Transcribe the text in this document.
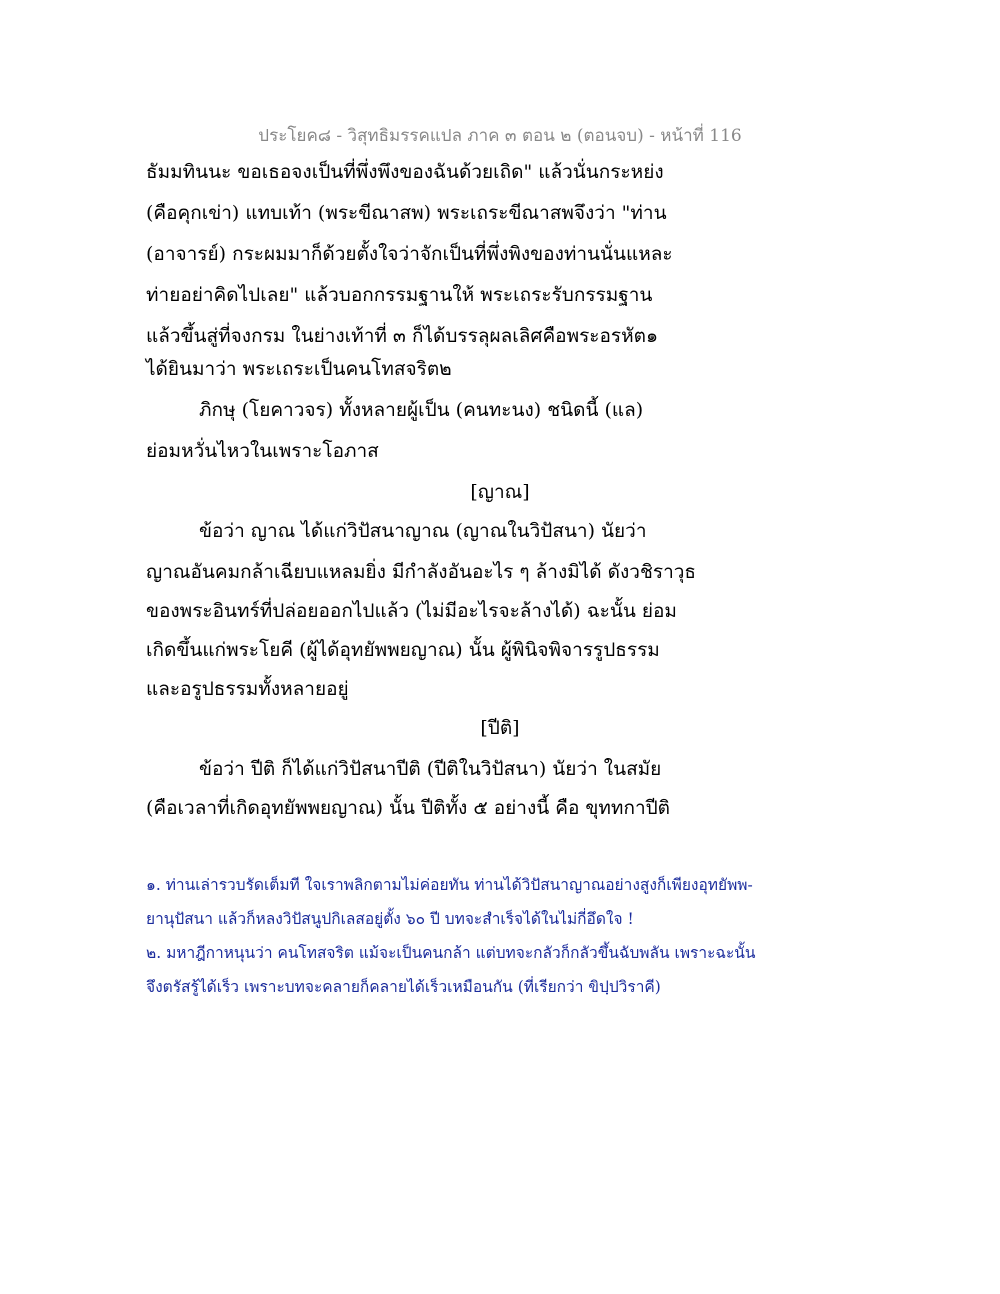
ประโยค๘ - วิสุทธิมรรคแปล ภาค ๓ ตอน ๒ (ตอนจบ) - หน้าที่ 116
ธัมมทินนะ ขอเธอจงเป็นที่พึ่งพึงของฉันด้วยเถิด" แล้วนั่นกระหย่ง
(คือคุกเข่า) แทบเท้า (พระขีณาสพ) พระเถระขีณาสพจึงว่า "ท่าน
(อาจารย์) กระผมมาก็ด้วยตั้งใจว่าจักเป็นที่พึ่งพิงของท่านนั่นแหละ
ท่ายอย่าคิดไปเลย" แล้วบอกกรรมฐานให้ พระเถระรับกรรมฐาน
แล้วขึ้นสู่ที่จงกรม ในย่างเท้าที่ ๓ ก็ได้บรรลุผลเลิศคือพระอรหัต๑
ได้ยินมาว่า พระเถระเป็นคนโทสจริต๒
ภิกษุ (โยคาวจร) ทั้งหลายผู้เป็น (คนทะนง) ชนิดนี้ (แล)
ย่อมหวั่นไหวในเพราะโอภาส
[ญาณ]
ข้อว่า ญาณ ได้แก่วิปัสนาญาณ (ญาณในวิปัสนา) นัยว่า
ญาณอันคมกล้าเฉียบแหลมยิ่ง มีกำลังอันอะไร ๆ ล้างมิได้ ดังวชิราวุธ
ของพระอินทร์ที่ปล่อยออกไปแล้ว (ไม่มีอะไรจะล้างได้) ฉะนั้น ย่อม
เกิดขึ้นแก่พระโยคี (ผู้ได้อุทยัพพยญาณ) นั้น ผู้พินิจพิจารรูปธรรม
และอรูปธรรมทั้งหลายอยู่
[ปีติ]
ข้อว่า ปีติ ก็ได้แก่วิปัสนาปีติ (ปีติในวิปัสนา) นัยว่า ในสมัย
(คือเวลาที่เกิดอุทยัพพยญาณ) นั้น ปีติทั้ง ๕ อย่างนี้ คือ ขุททกาปีติ
๑. ท่านเล่ารวบรัดเต็มที ใจเราพลิกตามไม่ค่อยทัน ท่านได้วิปัสนาญาณอย่างสูงก็เพียงอุทยัพพ-
ยานุปัสนา แล้วก็หลงวิปัสนูปกิเลสอยู่ตั้ง ๖๐ ปี บทจะสำเร็จได้ในไม่กี่อึดใจ !
๒. มหาฎีกาหนุนว่า คนโทสจริต แม้จะเป็นคนกล้า แต่บทจะกลัวก็กลัวขึ้นฉับพลัน เพราะฉะนั้น
จึงตรัสรู้ได้เร็ว เพราะบทจะคลายก็คลายได้เร็วเหมือนกัน (ที่เรียกว่า ขิปฺปวิราคี)
